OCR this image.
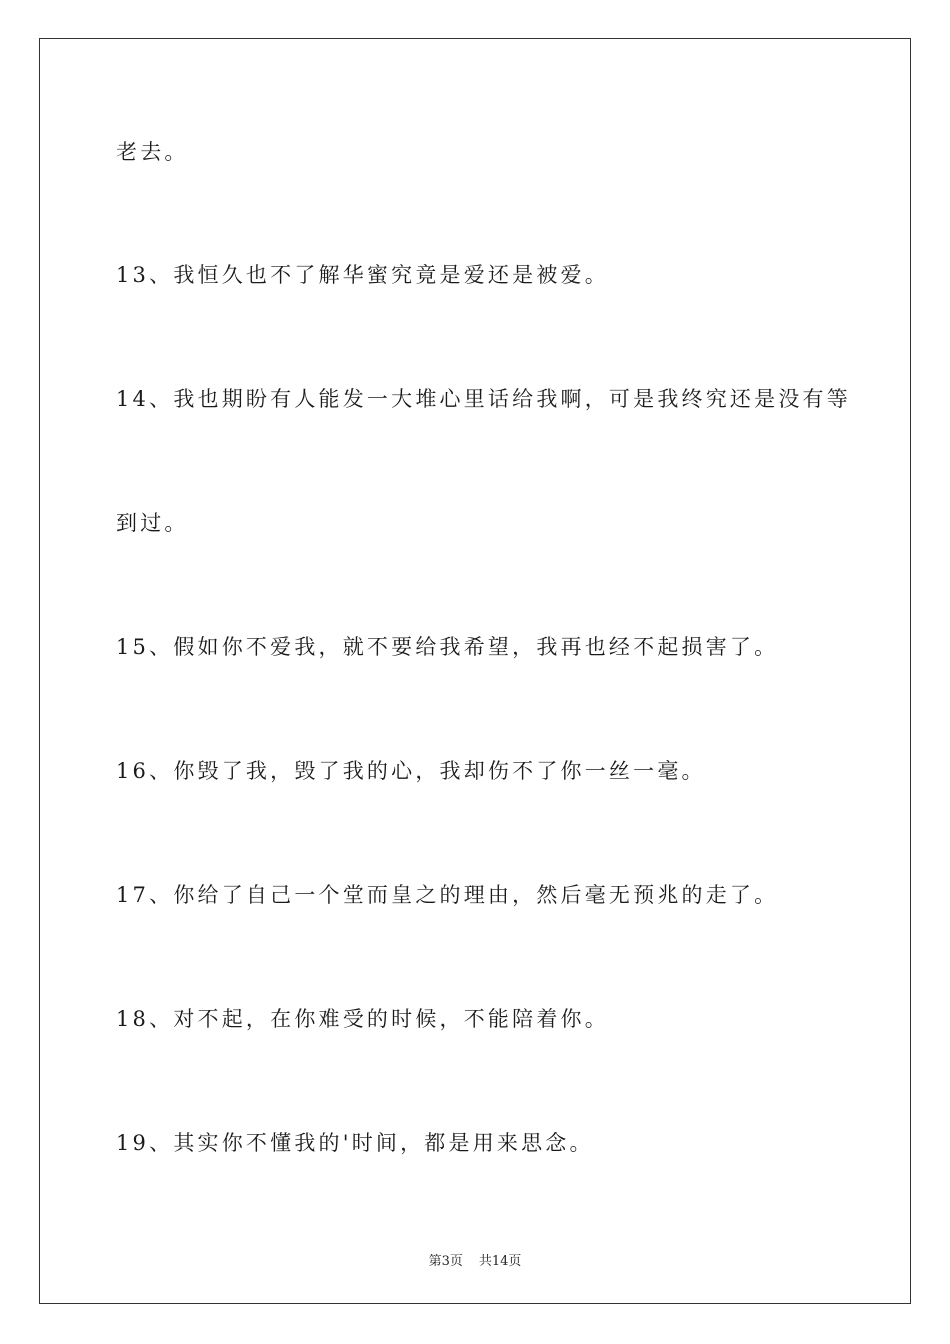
老去。
13、我恒久也不了解华蜜究竟是爱还是被爱。
14、我也期盼有人能发一大堆心里话给我啊，可是我终究还是没有等
到过。
15、假如你不爱我，就不要给我希望，我再也经不起损害了。
16、你毁了我，毁了我的心，我却伤不了你一丝一毫。
17、你给了自己一个堂而皇之的理由，然后毫无预兆的走了。
18、对不起，在你难受的时候，不能陪着你。
19、其实你不懂我的'时间，都是用来思念。
第3页 共14页
